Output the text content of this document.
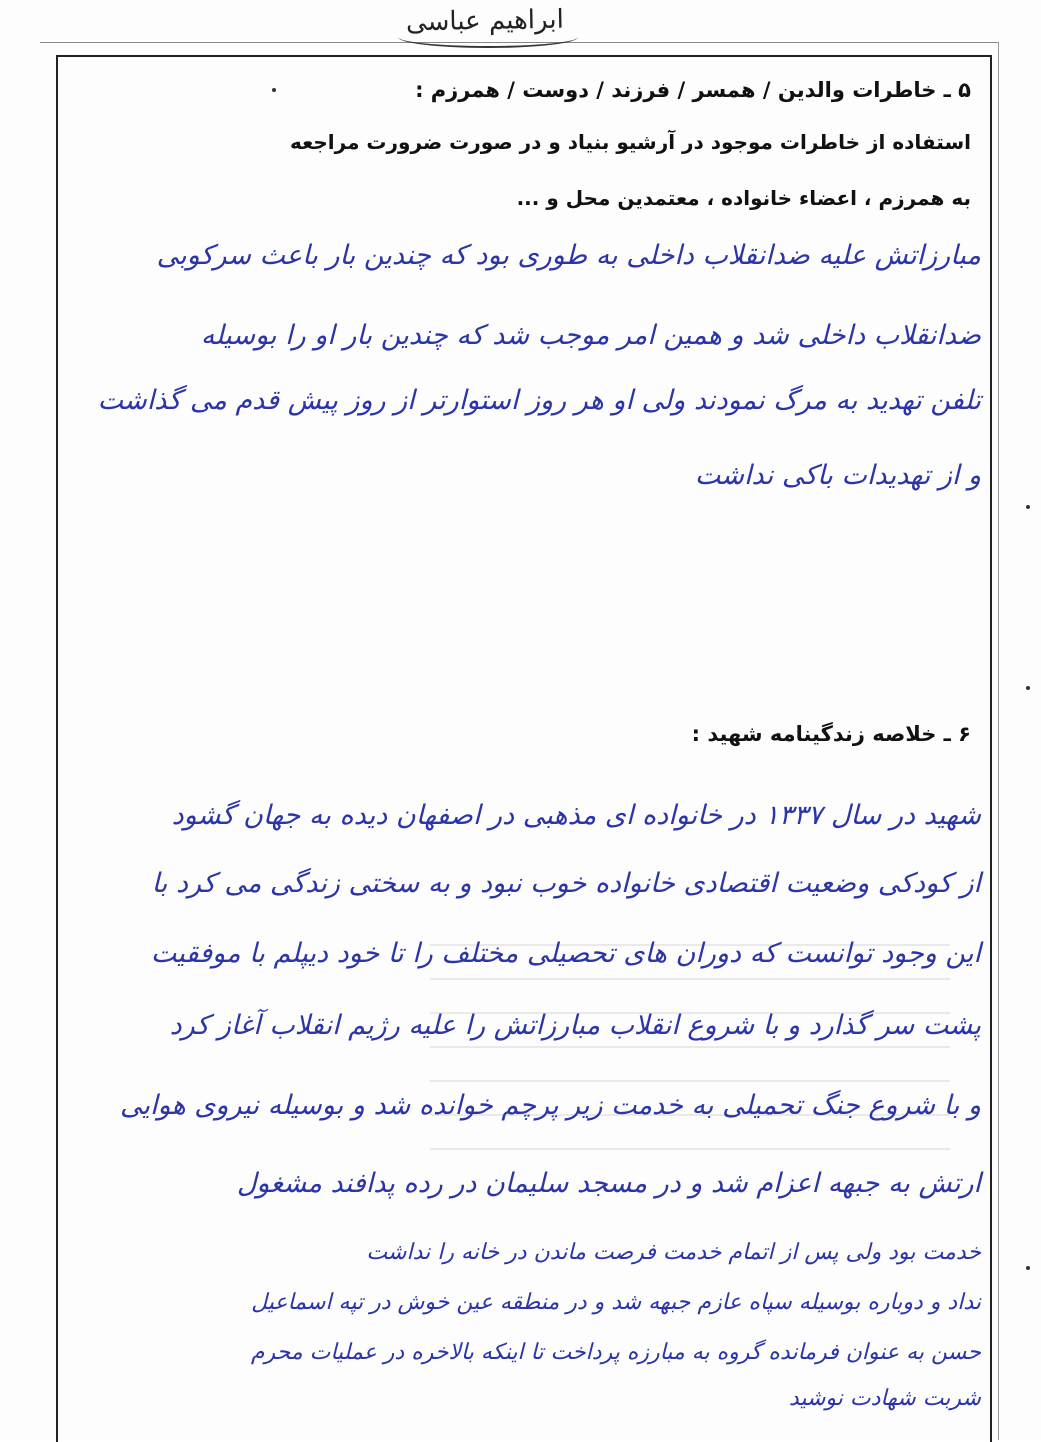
ابراهیم عباسی
۵ ـ خاطرات والدین / همسر / فرزند / دوست / همرزم :
استفاده از خاطرات موجود در آرشیو بنیاد و در صورت ضرورت مراجعه
به همرزم ، اعضاء خانواده ، معتمدین محل و ...
مبارزاتش علیه ضدانقلاب داخلی به طوری بود که چندین بار باعث سرکوبی
ضدانقلاب داخلی شد و همین امر موجب شد که چندین بار او را بوسیله
تلفن تهدید به مرگ نمودند ولی او هر روز استوارتر از روز پیش قدم می گذاشت
و از تهدیدات باکی نداشت
۶ ـ خلاصه زندگینامه شهید :
شهید در سال ۱۳۳۷ در خانواده ای مذهبی در اصفهان دیده به جهان گشود
از کودکی وضعیت اقتصادی خانواده خوب نبود و به سختی زندگی می کرد با
این وجود توانست که دوران های تحصیلی مختلف را تا خود دیپلم با موفقیت
پشت سر گذارد و با شروع انقلاب مبارزاتش را علیه رژیم انقلاب آغاز کرد
و با شروع جنگ تحمیلی به خدمت زیر پرچم خوانده شد و بوسیله نیروی هوایی
ارتش به جبهه اعزام شد و در مسجد سلیمان در رده پدافند مشغول
خدمت بود ولی پس از اتمام خدمت فرصت ماندن در خانه را نداشت
نداد و دوباره بوسیله سپاه عازم جبهه شد و در منطقه عین خوش در تپه اسماعیل
حسن به عنوان فرمانده گروه به مبارزه پرداخت تا اینکه بالاخره در عملیات محرم
شربت شهادت نوشید
